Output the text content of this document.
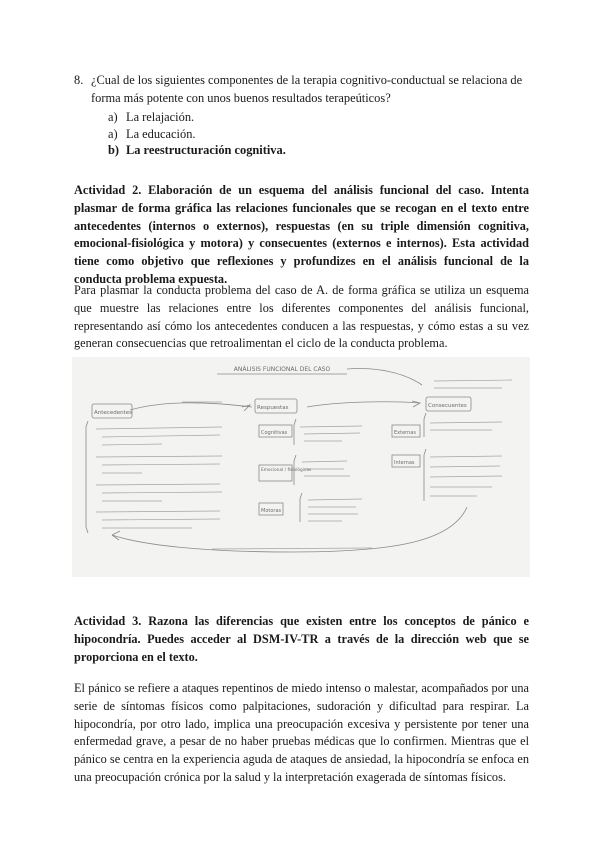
8. ¿Cual de los siguientes componentes de la terapia cognitivo-conductual se relaciona de forma más potente con unos buenos resultados terapeúticos?
a) La relajación.
a) La educación.
b) La reestructuración cognitiva.
Actividad 2. Elaboración de un esquema del análisis funcional del caso. Intenta plasmar de forma gráfica las relaciones funcionales que se recogan en el texto entre antecedentes (internos o externos), respuestas (en su triple dimensión cognitiva, emocional-fisiológica y motora) y consecuentes (externos e internos). Esta actividad tiene como objetivo que reflexiones y profundizes en el análisis funcional de la conducta problema expuesta.
Para plasmar la conducta problema del caso de A. de forma gráfica se utiliza un esquema que muestre las relaciones entre los diferentes componentes del análisis funcional, representando así cómo los antecedentes conducen a las respuestas, y cómo estas a su vez generan consecuencias que retroalimentan el ciclo de la conducta problema.
ANÁLISIS FUNCIONAL DEL CASO
Antecedentes
Respuestas	Consecuentes
Cognitivas
Emocional / fisiológicas
Motoras
Externas
Internas
Actividad 3. Razona las diferencias que existen entre los conceptos de pánico e hipocondría. Puedes acceder al DSM-IV-TR a través de la dirección web que se proporciona en el texto.
El pánico se refiere a ataques repentinos de miedo intenso o malestar, acompañados por una serie de síntomas físicos como palpitaciones, sudoración y dificultad para respirar. La hipocondría, por otro lado, implica una preocupación excesiva y persistente por tener una enfermedad grave, a pesar de no haber pruebas médicas que lo confirmen. Mientras que el pánico se centra en la experiencia aguda de ataques de ansiedad, la hipocondría se enfoca en una preocupación crónica por la salud y la interpretación exagerada de síntomas físicos.
